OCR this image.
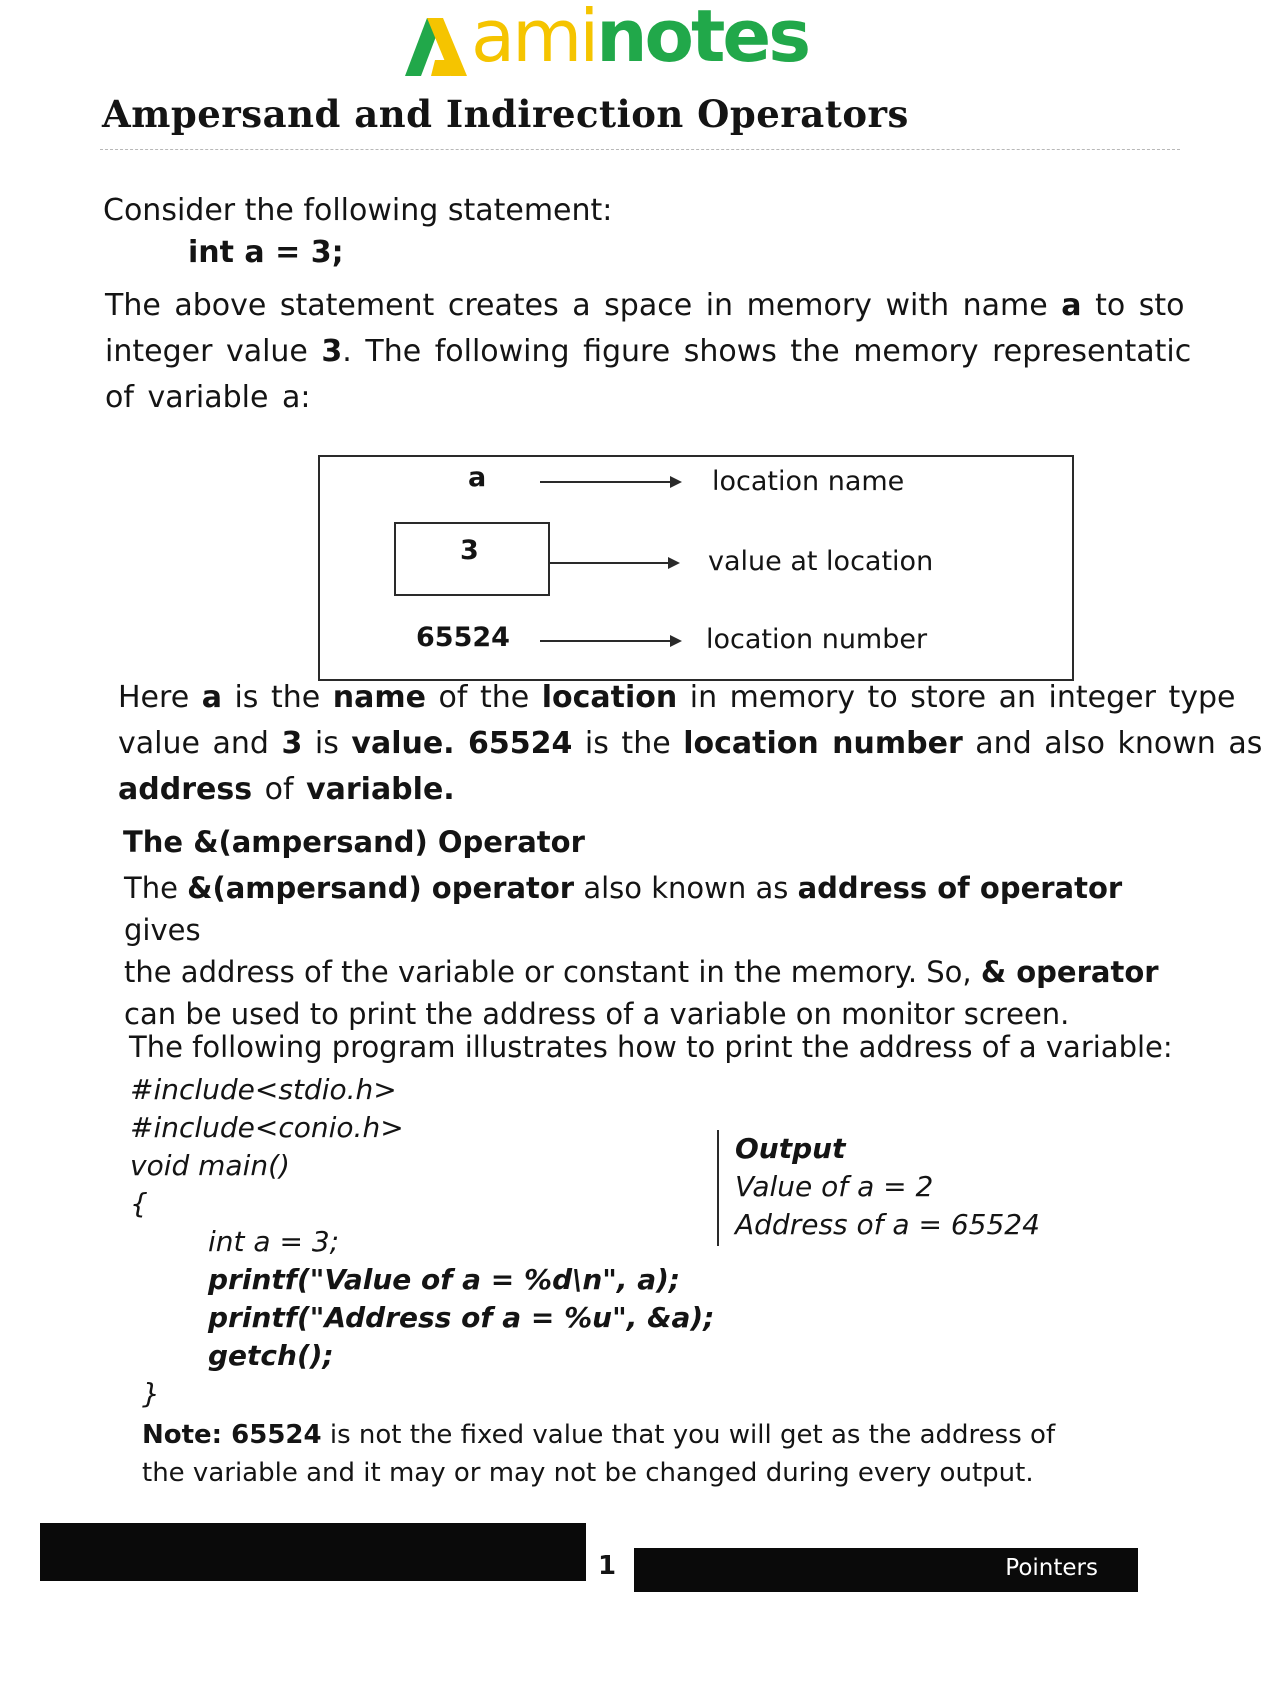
aminotes
Ampersand and Indirection Operators
Consider the following statement:
int a = 3;
The above statement creates a space in memory with name a to sto
integer value 3. The following figure shows the memory representatic
of variable a:
a	location name
3	value at location
65524	location number
Here a is the name of the location in memory to store an integer type
value and 3 is value. 65524 is the location number and also known as
address of variable.
The &(ampersand) Operator
The &(ampersand) operator also known as address of operator gives
the address of the variable or constant in the memory. So, & operator
can be used to print the address of a variable on monitor screen.
The following program illustrates how to print the address of a variable:
#include<stdio.h>
#include<conio.h>
void main()
{
int a = 3;
printf("Value of a = %d\n", a);
printf("Address of a = %u", &a);
getch();
}
Output
Value of a = 2
Address of a = 65524
Note: 65524 is not the fixed value that you will get as the address of
the variable and it may or may not be changed during every output.
1	Pointers
